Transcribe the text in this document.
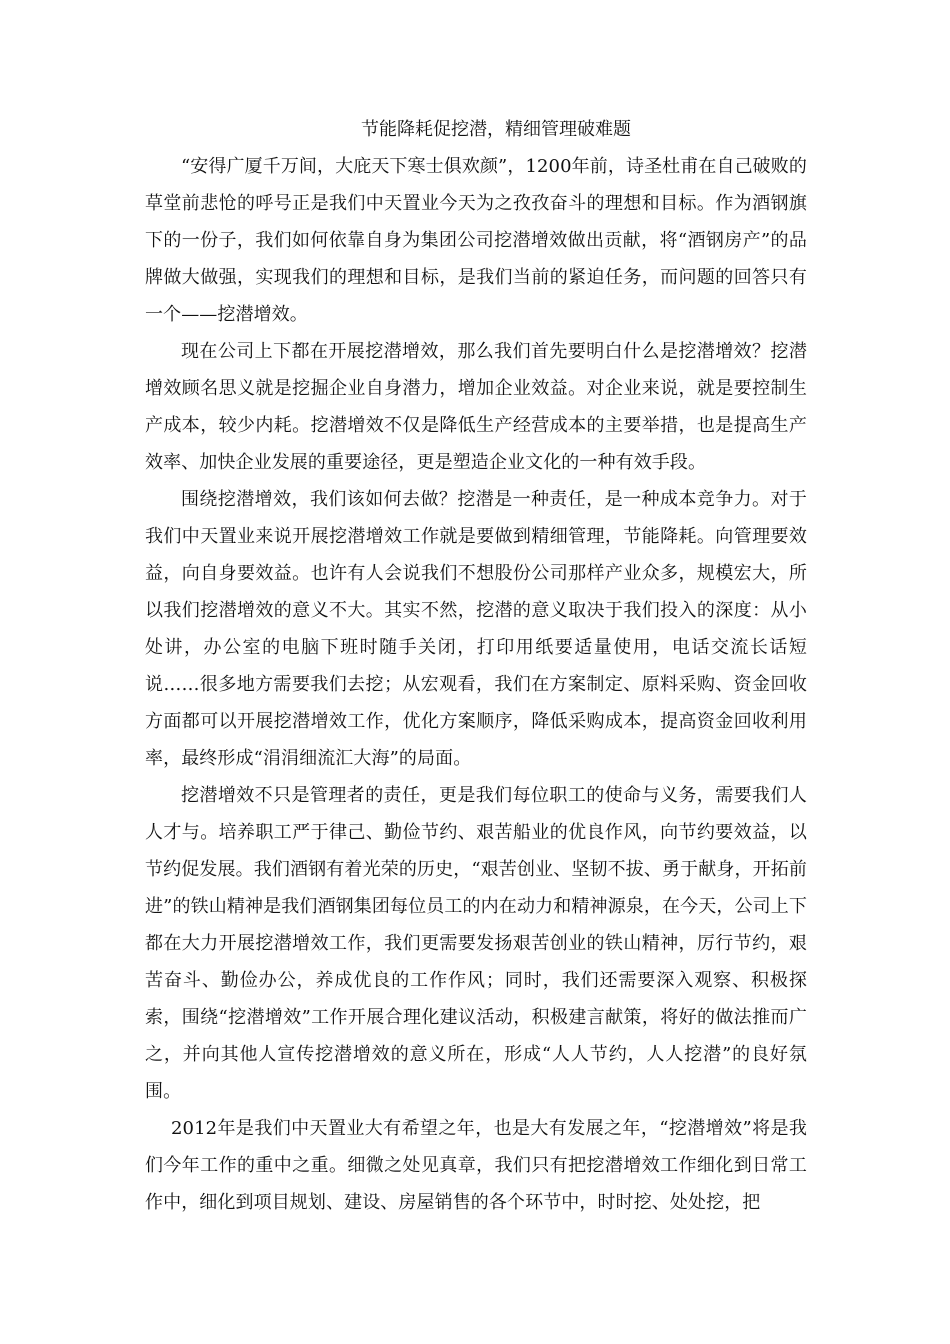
节能降耗促挖潜，精细管理破难题

“安得广厦千万间，大庇天下寒士俱欢颜”，1200年前，诗圣杜甫在自己破败的草堂前悲怆的呼号正是我们中天置业今天为之孜孜奋斗的理想和目标。作为酒钢旗下的一份子，我们如何依靠自身为集团公司挖潜增效做出贡献，将“酒钢房产”的品牌做大做强，实现我们的理想和目标，是我们当前的紧迫任务，而问题的回答只有一个——挖潜增效。

现在公司上下都在开展挖潜增效，那么我们首先要明白什么是挖潜增效？挖潜增效顾名思义就是挖掘企业自身潜力，增加企业效益。对企业来说，就是要控制生产成本，较少内耗。挖潜增效不仅是降低生产经营成本的主要举措，也是提高生产效率、加快企业发展的重要途径，更是塑造企业文化的一种有效手段。

围绕挖潜增效，我们该如何去做？挖潜是一种责任，是一种成本竞争力。对于我们中天置业来说开展挖潜增效工作就是要做到精细管理，节能降耗。向管理要效益，向自身要效益。也许有人会说我们不想股份公司那样产业众多，规模宏大，所以我们挖潜增效的意义不大。其实不然，挖潜的意义取决于我们投入的深度：从小处讲，办公室的电脑下班时随手关闭，打印用纸要适量使用，电话交流长话短说……很多地方需要我们去挖；从宏观看，我们在方案制定、原料采购、资金回收方面都可以开展挖潜增效工作，优化方案顺序，降低采购成本，提高资金回收利用率，最终形成“涓涓细流汇大海”的局面。

挖潜增效不只是管理者的责任，更是我们每位职工的使命与义务，需要我们人人才与。培养职工严于律己、勤俭节约、艰苦船业的优良作风，向节约要效益，以节约促发展。我们酒钢有着光荣的历史，“艰苦创业、坚韧不拔、勇于献身，开拓前进”的铁山精神是我们酒钢集团每位员工的内在动力和精神源泉，在今天，公司上下都在大力开展挖潜增效工作，我们更需要发扬艰苦创业的铁山精神，厉行节约，艰苦奋斗、勤俭办公，养成优良的工作作风；同时，我们还需要深入观察、积极探索，围绕“挖潜增效”工作开展合理化建议活动，积极建言献策，将好的做法推而广之，并向其他人宣传挖潜增效的意义所在，形成“人人节约，人人挖潜”的良好氛围。

2012年是我们中天置业大有希望之年，也是大有发展之年，“挖潜增效”将是我们今年工作的重中之重。细微之处见真章，我们只有把挖潜增效工作细化到日常工作中，细化到项目规划、建设、房屋销售的各个环节中，时时挖、处处挖，把
